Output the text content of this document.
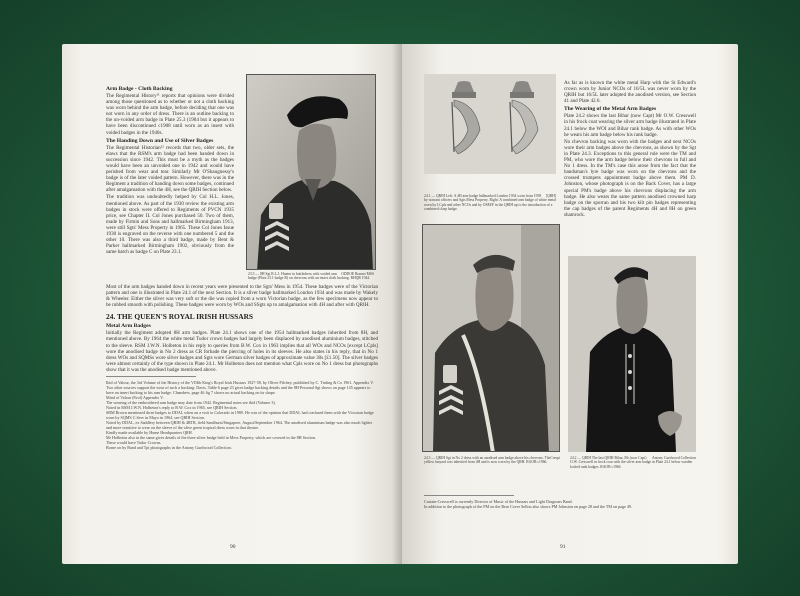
Arm Badge - Cloth Backing
The Regimental History¹¹ reports that opinions were divided among those questioned as to whether or not a cloth backing was worn behind the arm badge, before deciding that one was not worn in any order of dress. There is an outline backing to the un-voided arm badge in Plate 25.3 (1904 but it appears to have been discontinued c1908 until worn as an insert with voided badges in the 1940s.
The Handing Down and Use of Silver Badges
The Regimental Historian¹² records that two, older sets, the elaws that the RSM's arm badge had been handed down in succession since 1942. This must be a myth as the badges would have been an unvoided one in 1942 and would have perished from wear and tear. Similarly Mr O'Shaugnessy's badge is of the later voided pattern. However, there was in the Regiment a tradition of handing down some badges, continued after amalgamation with the 4H, see the QRIH Section below.
The tradition was undoubtedly helped by Col H.L. Jones, mentioned above. As part of the 1930 review the existing arm badges in stock were offered to Regiments of PVCN 1935 price, see Chapter II. Col Jones purchased 50. Two of them, made by Firmin and Sons and hallmarked Birmingham 1913, were still Sgts' Mess Property in 1965. These Col Jones Issue 1930 is engraved on the reverse with one numbered 5 and the other 10. There was also a third badge, made by Bent & Parker hallmarked Birmingham 1902, obviously from the same batch as badge C on Plate 23.1.
ODDOE Bonnet MSS
23.5 — 8H Sgt R.L.J. Hunter in battledress with voided arm badge (Plate 23.1 badge B) on chevrons with an insert cloth backing. RHQR 1944.
Most of the arm badges handed down in recent years were presented to the Sgts' Mess in 1954. These badges were of the Victorian pattern and one is illustrated in Plate 24.1 of the next Section. It is a silver badge hallmarked London 1934 and was made by Wakely & Wheeler. Either the silver was very soft or the die was copied from a worn Victorian badge, as the few specimens now appear to be rubbed smooth with polishing. These badges were worn by WOs and SSgts up to amalgamation with 4H and after with QRIH.
24. THE QUEEN'S ROYAL IRISH HUSSARS
Metal Arm Badges
Initially the Regiment adopted 8H arm badges. Plate 24.1 shows one of the 1954 hallmarked badges inherited from 8H, and mentioned above. By 1964 the white metal Tudor crown badges had largely been displaced by anodised aluminium badges, stitched to the sleeve. RSM J.W.N. Holbeton in his reply to queries from B.W. Cox in 1963 implies that all WOs and NCOs [except LCpls] wore the anodised badge in No 2 dress as CR forbade the piercing of holes in its sleeves. He also states in his reply, that in No 1 dress WOs and SQMSs wore silver badges and Sgts wore German silver badges of approximate value 30s [£1.50]. The silver badges were almost certainly of the type shown in Plate 24.1. Mr Holbeton does not mention what Cpls wore on No 1 dress but photographs show that it was the anodised badge mentioned above.
Ibid of Valour, the 3rd Volume of the History of the VIIIth King's Royal Irish Hussars 1927-58, by Oliver Pilchey, published by C. Tinling & Co 1961. Appendix V.
Two other sources support the wear of such a backing: Davis, Table 6 page 23 gives badge backing details and the 8H Personal Sgt shows on page 145 appears to have an insert backing to his arm badge. Chambers, page 46 fig 7 shows no actual backing on its shape.
Mind of Valour (8vol) Appendix V.
The wearing of the embroidered arm badge may date from 1942. Regimental notes see ibid (Volume 3).
Noted in RSM J.W.N. Holbeton's reply to B.W. Cox in 1965, see QRIH Section.
SBM Brown mentioned three badges to DDAL when on a visit to Colorado in 1980. He was of the opinion that DDAL had confused them with the Victorian badge worn by SQMS C.Serv in Mayo in 1964, see QRIH Section.
Noted by DDAL, ex Saddlery between QRIH & 4RTR, field Sandhurst/Singapore, August/September 1964. The anodised aluminium badge was also much lighter and more sensitive to wear on the sleeve of the olive green tropical dress worn in that theatre.
Kindly made available by Home Headquarters QRH.
Mr Holbeton also in the same gives details of the three silver badge held in Mess Property, which are covered in the 8H Section.
These would have Tudor Crowns.
Borne on by Band and Tpt photographs in the Antony Gurdwood Collection.
90
[QRH]
24.1 — QRIH Left: A 4H arm badge hallmarked London 1934 worn from 1958 by warrant officers and Sgts Mess Property. Right: A combined arm badge of white metal worn by LCpls and other NCOs and by OSM/F in the QRIH up to the introduction of a combined clasp badge.
As far as is known the white metal Harp with the St Edward's crown worn by Junior NCOs of 16/5L was never worn by the QRIH but 16/5L later adopted the anodised version, see Section 41 and Plate 42.6.
The Wearing of the Metal Arm Badges
Plate 24.2 shows the last Bihar (now Capt) Mr O.W. Cresswell in his frock coat wearing the silver arm badge illustrated in Plate 24.1 below the WOI and Bihar rank badge. As with other WOs he wears his arm badge below his rank badge.
No chevron backing was worn with the badges and next NCOs wore their arm badges above the chevrons, as shown by the Sgt in Plate 24.3. Exceptions to this general rule were the TM and PM, who wore the arm badge below their chevrons in full and No 1 dress. In the TM's case this arose from the fact that the bandsman's lyre badge was worn on the chevrons and the crossed trumpets appointment badge above them. PM D. Johnston, whose photograph is on the Back Cover, has a large special PM's badge above his chevrons displacing the arm badge. He also wears the same pattern anodised crowned harp badge on the sporran and his two kilt pin badges representing the cap badges of the parent Regiments 4H and 8H on green shamrock.
Crespi
24.3 — QRIH Sgt in No 2 dress with an anodised arm badge above his chevrons. The yellow lanyard was inherited from 4H and is now worn by the QRH. RAOB c1966.
Antony Gurdwood Collection
24.2 — QRIH The last QRIH Bihar, Mr (now Capt) O.W. Cresswell in frock coat with the silver arm badge in Plate 24.1 below warden locked rank badges. RAOB c1966.
Curtain-Cresswell is currently Director of Music of the Hussars and Light Dragoons Band.
In addition to the photograph of the PM on the Rear Cover Sellon also shows PM Johnston on page 28 and the TM on page 49.
91
